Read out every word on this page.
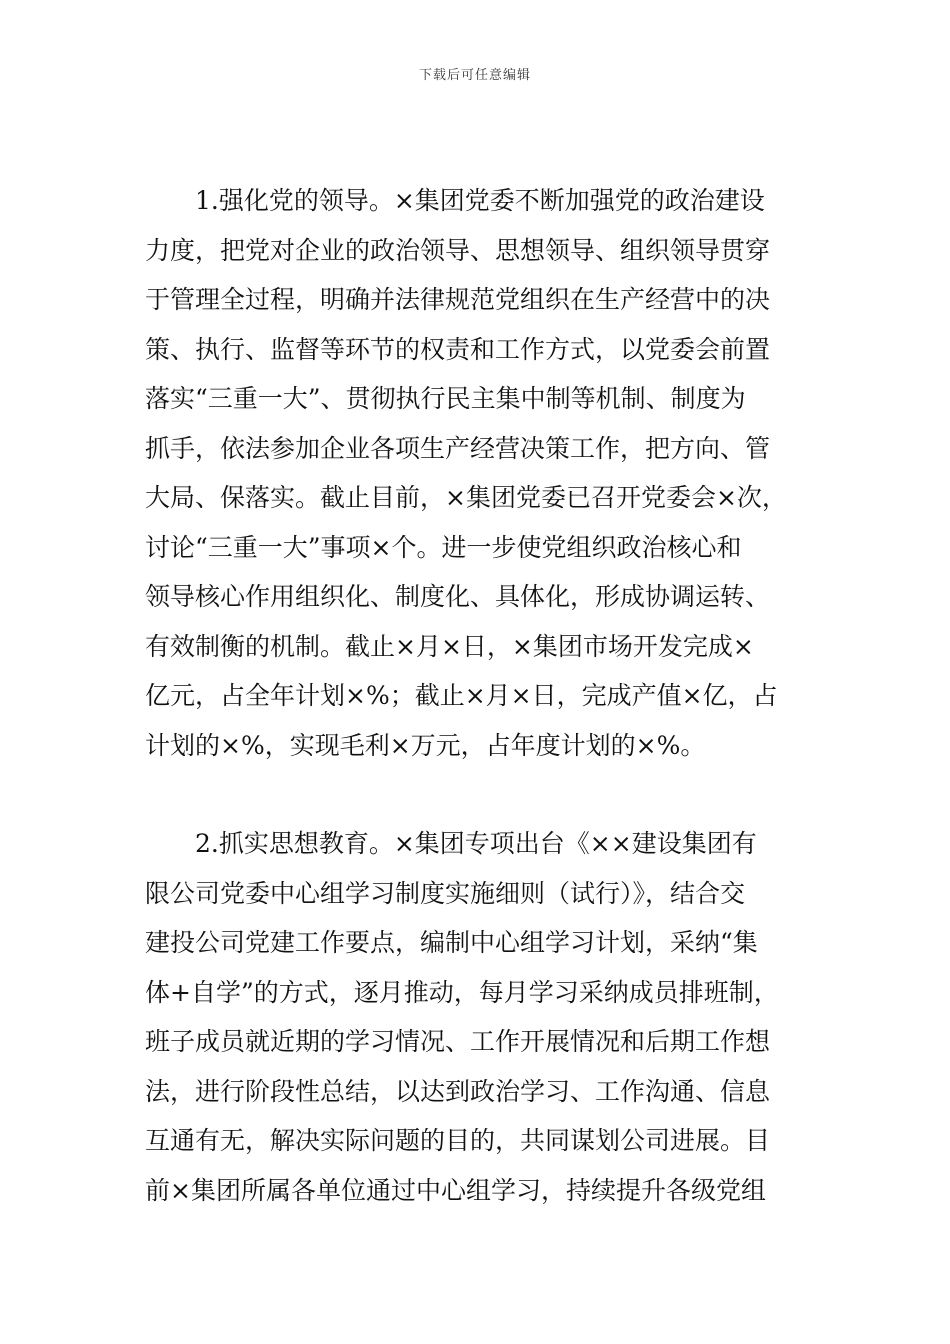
下载后可任意编辑

1.强化党的领导。×集团党委不断加强党的政治建设
力度，把党对企业的政治领导、思想领导、组织领导贯穿
于管理全过程，明确并法律规范党组织在生产经营中的决
策、执行、监督等环节的权责和工作方式，以党委会前置
落实“三重一大”、贯彻执行民主集中制等机制、制度为
抓手，依法参加企业各项生产经营决策工作，把方向、管
大局、保落实。截止目前，×集团党委已召开党委会×次，
讨论“三重一大”事项×个。进一步使党组织政治核心和
领导核心作用组织化、制度化、具体化，形成协调运转、
有效制衡的机制。截止×月×日，×集团市场开发完成×
亿元，占全年计划×%；截止×月×日，完成产值×亿，占
计划的×%，实现毛利×万元，占年度计划的×%。

2.抓实思想教育。×集团专项出台《××建设集团有
限公司党委中心组学习制度实施细则（试行）》，结合交
建投公司党建工作要点，编制中心组学习计划，采纳“集
体+自学”的方式，逐月推动，每月学习采纳成员排班制，
班子成员就近期的学习情况、工作开展情况和后期工作想
法，进行阶段性总结，以达到政治学习、工作沟通、信息
互通有无，解决实际问题的目的，共同谋划公司进展。目
前×集团所属各单位通过中心组学习，持续提升各级党组
